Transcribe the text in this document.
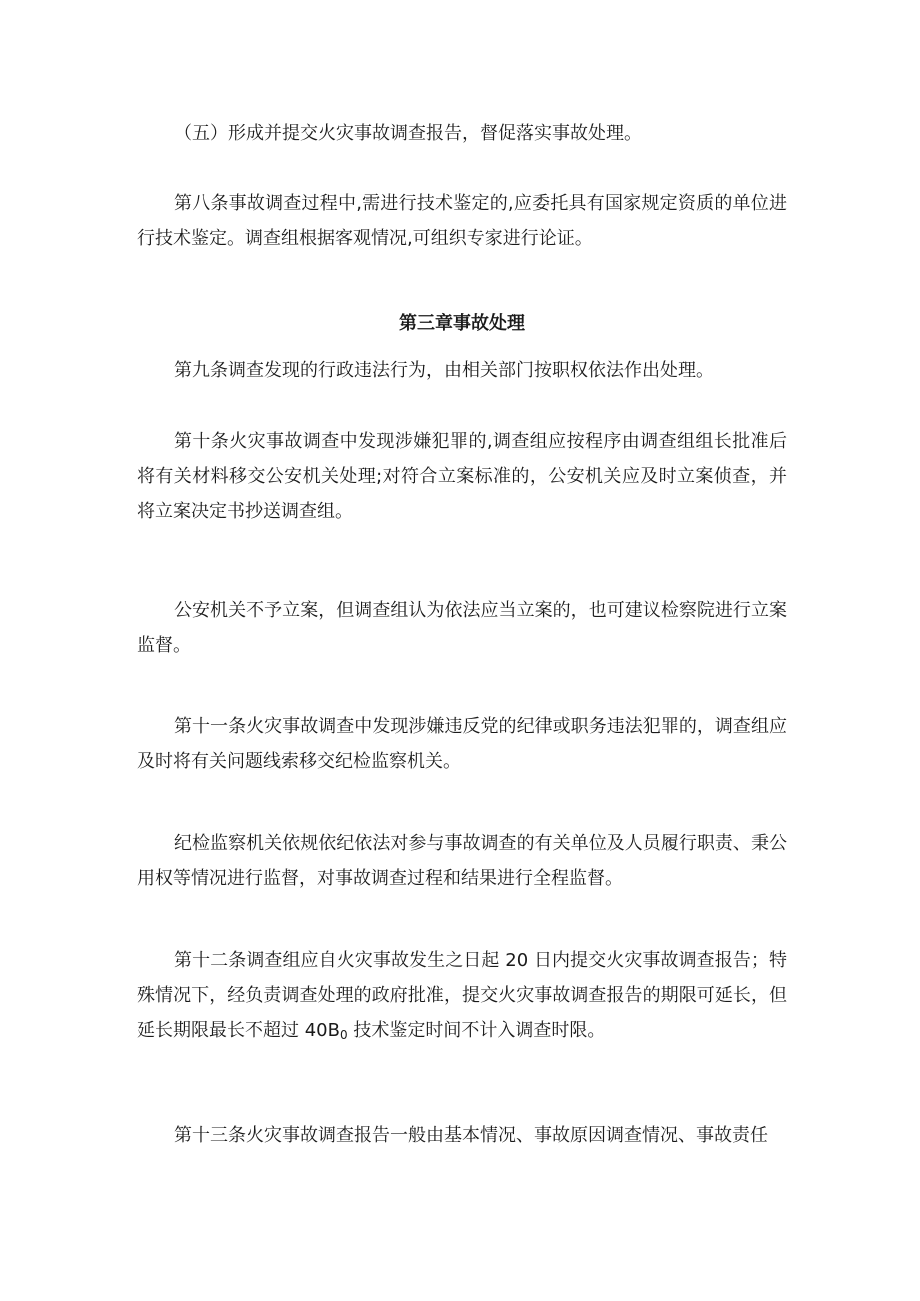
（五）形成并提交火灾事故调查报告，督促落实事故处理。

第八条事故调查过程中,需进行技术鉴定的,应委托具有国家规定资质的单位进行技术鉴定。调查组根据客观情况,可组织专家进行论证。

第三章事故处理

第九条调查发现的行政违法行为，由相关部门按职权依法作出处理。

第十条火灾事故调查中发现涉嫌犯罪的,调查组应按程序由调查组组长批准后将有关材料移交公安机关处理;对符合立案标准的，公安机关应及时立案侦查，并将立案决定书抄送调查组。

公安机关不予立案，但调查组认为依法应当立案的，也可建议检察院进行立案监督。

第十一条火灾事故调查中发现涉嫌违反党的纪律或职务违法犯罪的，调查组应及时将有关问题线索移交纪检监察机关。

纪检监察机关依规依纪依法对参与事故调查的有关单位及人员履行职责、秉公用权等情况进行监督，对事故调查过程和结果进行全程监督。

第十二条调查组应自火灾事故发生之日起 20 日内提交火灾事故调查报告；特殊情况下，经负责调查处理的政府批准，提交火灾事故调查报告的期限可延长，但延长期限最长不超过 $40B_0$ 技术鉴定时间不计入调查时限。

第十三条火灾事故调查报告一般由基本情况、事故原因调查情况、事故责任
